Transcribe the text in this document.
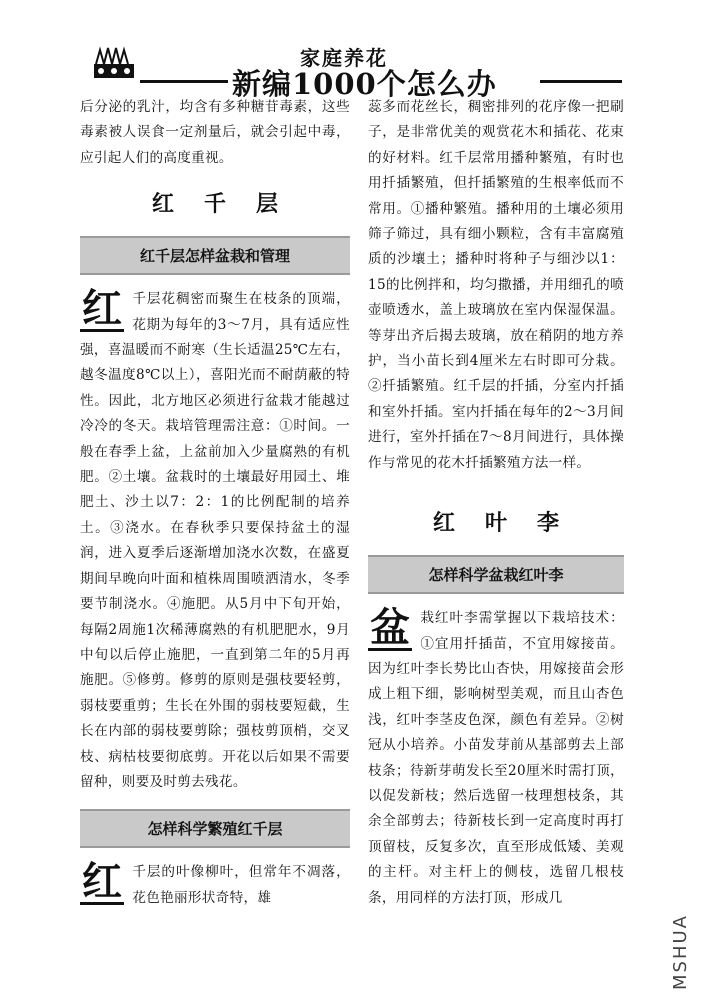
家庭养花
新编1000个怎么办

后分泌的乳汁，均含有多种糖苷毒素，这些毒素被人误食一定剂量后，就会引起中毒，应引起人们的高度重视。

红千层
红千层怎样盆栽和管理

红 千层花稠密而聚生在枝条的顶端，花期为每年的3～7月，具有适应性强，喜温暖而不耐寒（生长适温25℃左右，越冬温度8℃以上），喜阳光而不耐荫蔽的特性。因此，北方地区必须进行盆栽才能越过冷冷的冬天。栽培管理需注意：①时间。一般在春季上盆，上盆前加入少量腐熟的有机肥。②土壤。盆栽时的土壤最好用园土、堆肥土、沙土以7：2：1的比例配制的培养土。③浇水。在春秋季只要保持盆土的湿润，进入夏季后逐渐增加浇水次数，在盛夏期间早晚向叶面和植株周围喷洒清水，冬季要节制浇水。④施肥。从5月中下旬开始，每隔2周施1次稀薄腐熟的有机肥肥水，9月中旬以后停止施肥，一直到第二年的5月再施肥。⑤修剪。修剪的原则是强枝要轻剪，弱枝要重剪；生长在外围的弱枝要短截，生长在内部的弱枝要剪除；强枝剪顶梢，交叉枝、病枯枝要彻底剪。开花以后如果不需要留种，则要及时剪去残花。

怎样科学繁殖红千层

红 千层的叶像柳叶，但常年不凋落，花色艳丽形状奇特，雄

蕊多而花丝长，稠密排列的花序像一把刷子，是非常优美的观赏花木和插花、花束的好材料。红千层常用播种繁殖，有时也用扦插繁殖，但扦插繁殖的生根率低而不常用。①播种繁殖。播种用的土壤必须用筛子筛过，具有细小颗粒，含有丰富腐殖质的沙壤土；播种时将种子与细沙以1：15的比例拌和，均匀撒播，并用细孔的喷壶喷透水，盖上玻璃放在室内保湿保温。等芽出齐后揭去玻璃，放在稍阴的地方养护，当小苗长到4厘米左右时即可分栽。②扦插繁殖。红千层的扦插，分室内扦插和室外扦插。室内扦插在每年的2～3月间进行，室外扦插在7～8月间进行，具体操作与常见的花木扦插繁殖方法一样。

红叶李
怎样科学盆栽红叶李

盆 栽红叶李需掌握以下栽培技术：①宜用扦插苗，不宜用嫁接苗。因为红叶李长势比山杏快，用嫁接苗会形成上粗下细，影响树型美观，而且山杏色浅，红叶李茎皮色深，颜色有差异。②树冠从小培养。小苗发芽前从基部剪去上部枝条；待新芽萌发长至20厘米时需打顶，以促发新枝；然后选留一枝理想枝条，其余全部剪去；待新枝长到一定高度时再打顶留枝，反复多次，直至形成低矮、美观的主杆。对主杆上的侧枝，选留几根枝条，用同样的方法打顶，形成几

MSHUA
